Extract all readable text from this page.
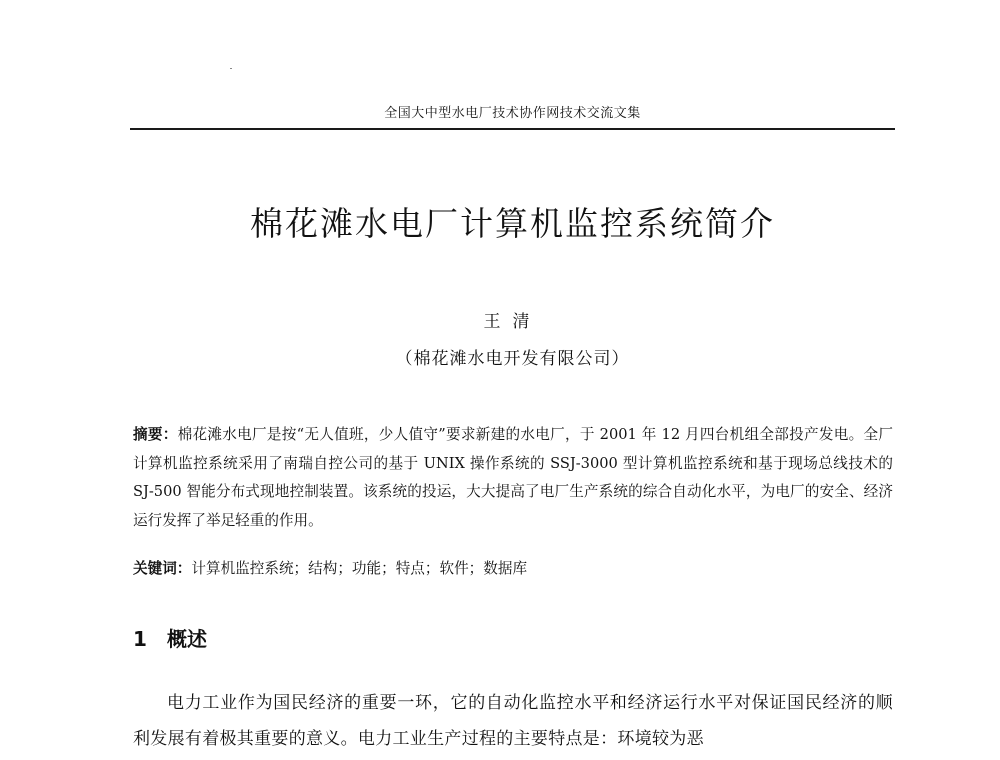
全国大中型水电厂技术协作网技术交流文集
棉花滩水电厂计算机监控系统简介
王清
（棉花滩水电开发有限公司）
摘要：棉花滩水电厂是按“无人值班，少人值守”要求新建的水电厂，于 2001 年 12 月四台机组全部投产发电。全厂计算机监控系统采用了南瑞自控公司的基于 UNIX 操作系统的 SSJ-3000 型计算机监控系统和基于现场总线技术的 SJ-500 智能分布式现地控制装置。该系统的投运，大大提高了电厂生产系统的综合自动化水平，为电厂的安全、经济运行发挥了举足轻重的作用。
关键词：计算机监控系统；结构；功能；特点；软件；数据库
1 概述

电力工业作为国民经济的重要一环，它的自动化监控水平和经济运行水平对保证国民经济的顺利发展有着极其重要的意义。电力工业生产过程的主要特点是：环境较为恶
